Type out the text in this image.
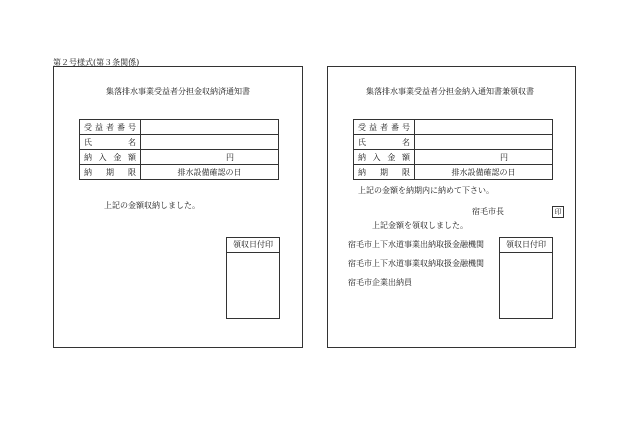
第２号様式(第３条関係)
集落排水事業受益者分担金収納済通知書
受益者番号	
氏　　名	
納入金額	円
納期限	排水設備確認の日
上記の金額収納しました。
領収日付印
集落排水事業受益者分担金納入通知書兼領収書
受益者番号	
氏　　名	
納入金額	円
納期限	排水設備確認の日
上記の金額を納期内に納めて下さい。
宿毛市長	印
上記金額を領収しました。
宿毛市上下水道事業出納取扱金融機関
宿毛市上下水道事業収納取扱金融機関
宿毛市企業出納員
領収日付印
